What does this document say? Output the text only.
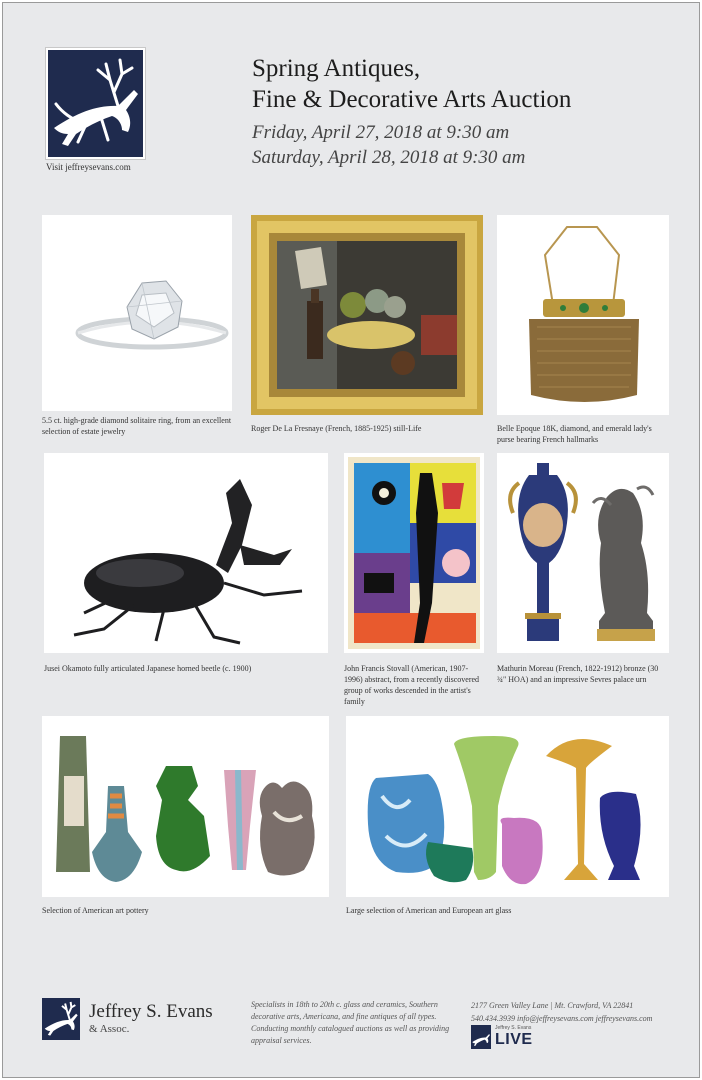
Visit jeffreysevans.com
Spring Antiques,
Fine & Decorative Arts Auction
Friday, April 27, 2018 at 9:30 am
Saturday, April 28, 2018 at 9:30 am
5.5 ct. high-grade diamond solitaire ring, from an excellent selection of estate jewelry	Roger De La Fresnaye (French, 1885-1925) still-Life	Belle Epoque 18K, diamond, and emerald lady's purse bearing French hallmarks
Jusei Okamoto fully articulated Japanese horned beetle (c. 1900)	John Francis Stovall (American, 1907-1996) abstract, from a recently discovered group of works descended in the artist's family
Mathurin Moreau (French, 1822-1912) bronze (30 ¾" HOA) and an impressive Sevres palace urn
Selection of American art pottery	Large selection of American and European art glass
Jeffrey S. Evans
& Assoc.
Specialists in 18th to 20th c. glass and ceramics, Southern decorative arts, Americana, and fine antiques of all types. Conducting monthly catalogued auctions as well as providing appraisal services.
2177 Green Valley Lane | Mt. Crawford, VA 22841
540.434.3939 info@jeffreysevans.com jeffreysevans.com
Jeffrey S. Evans
LIVE
